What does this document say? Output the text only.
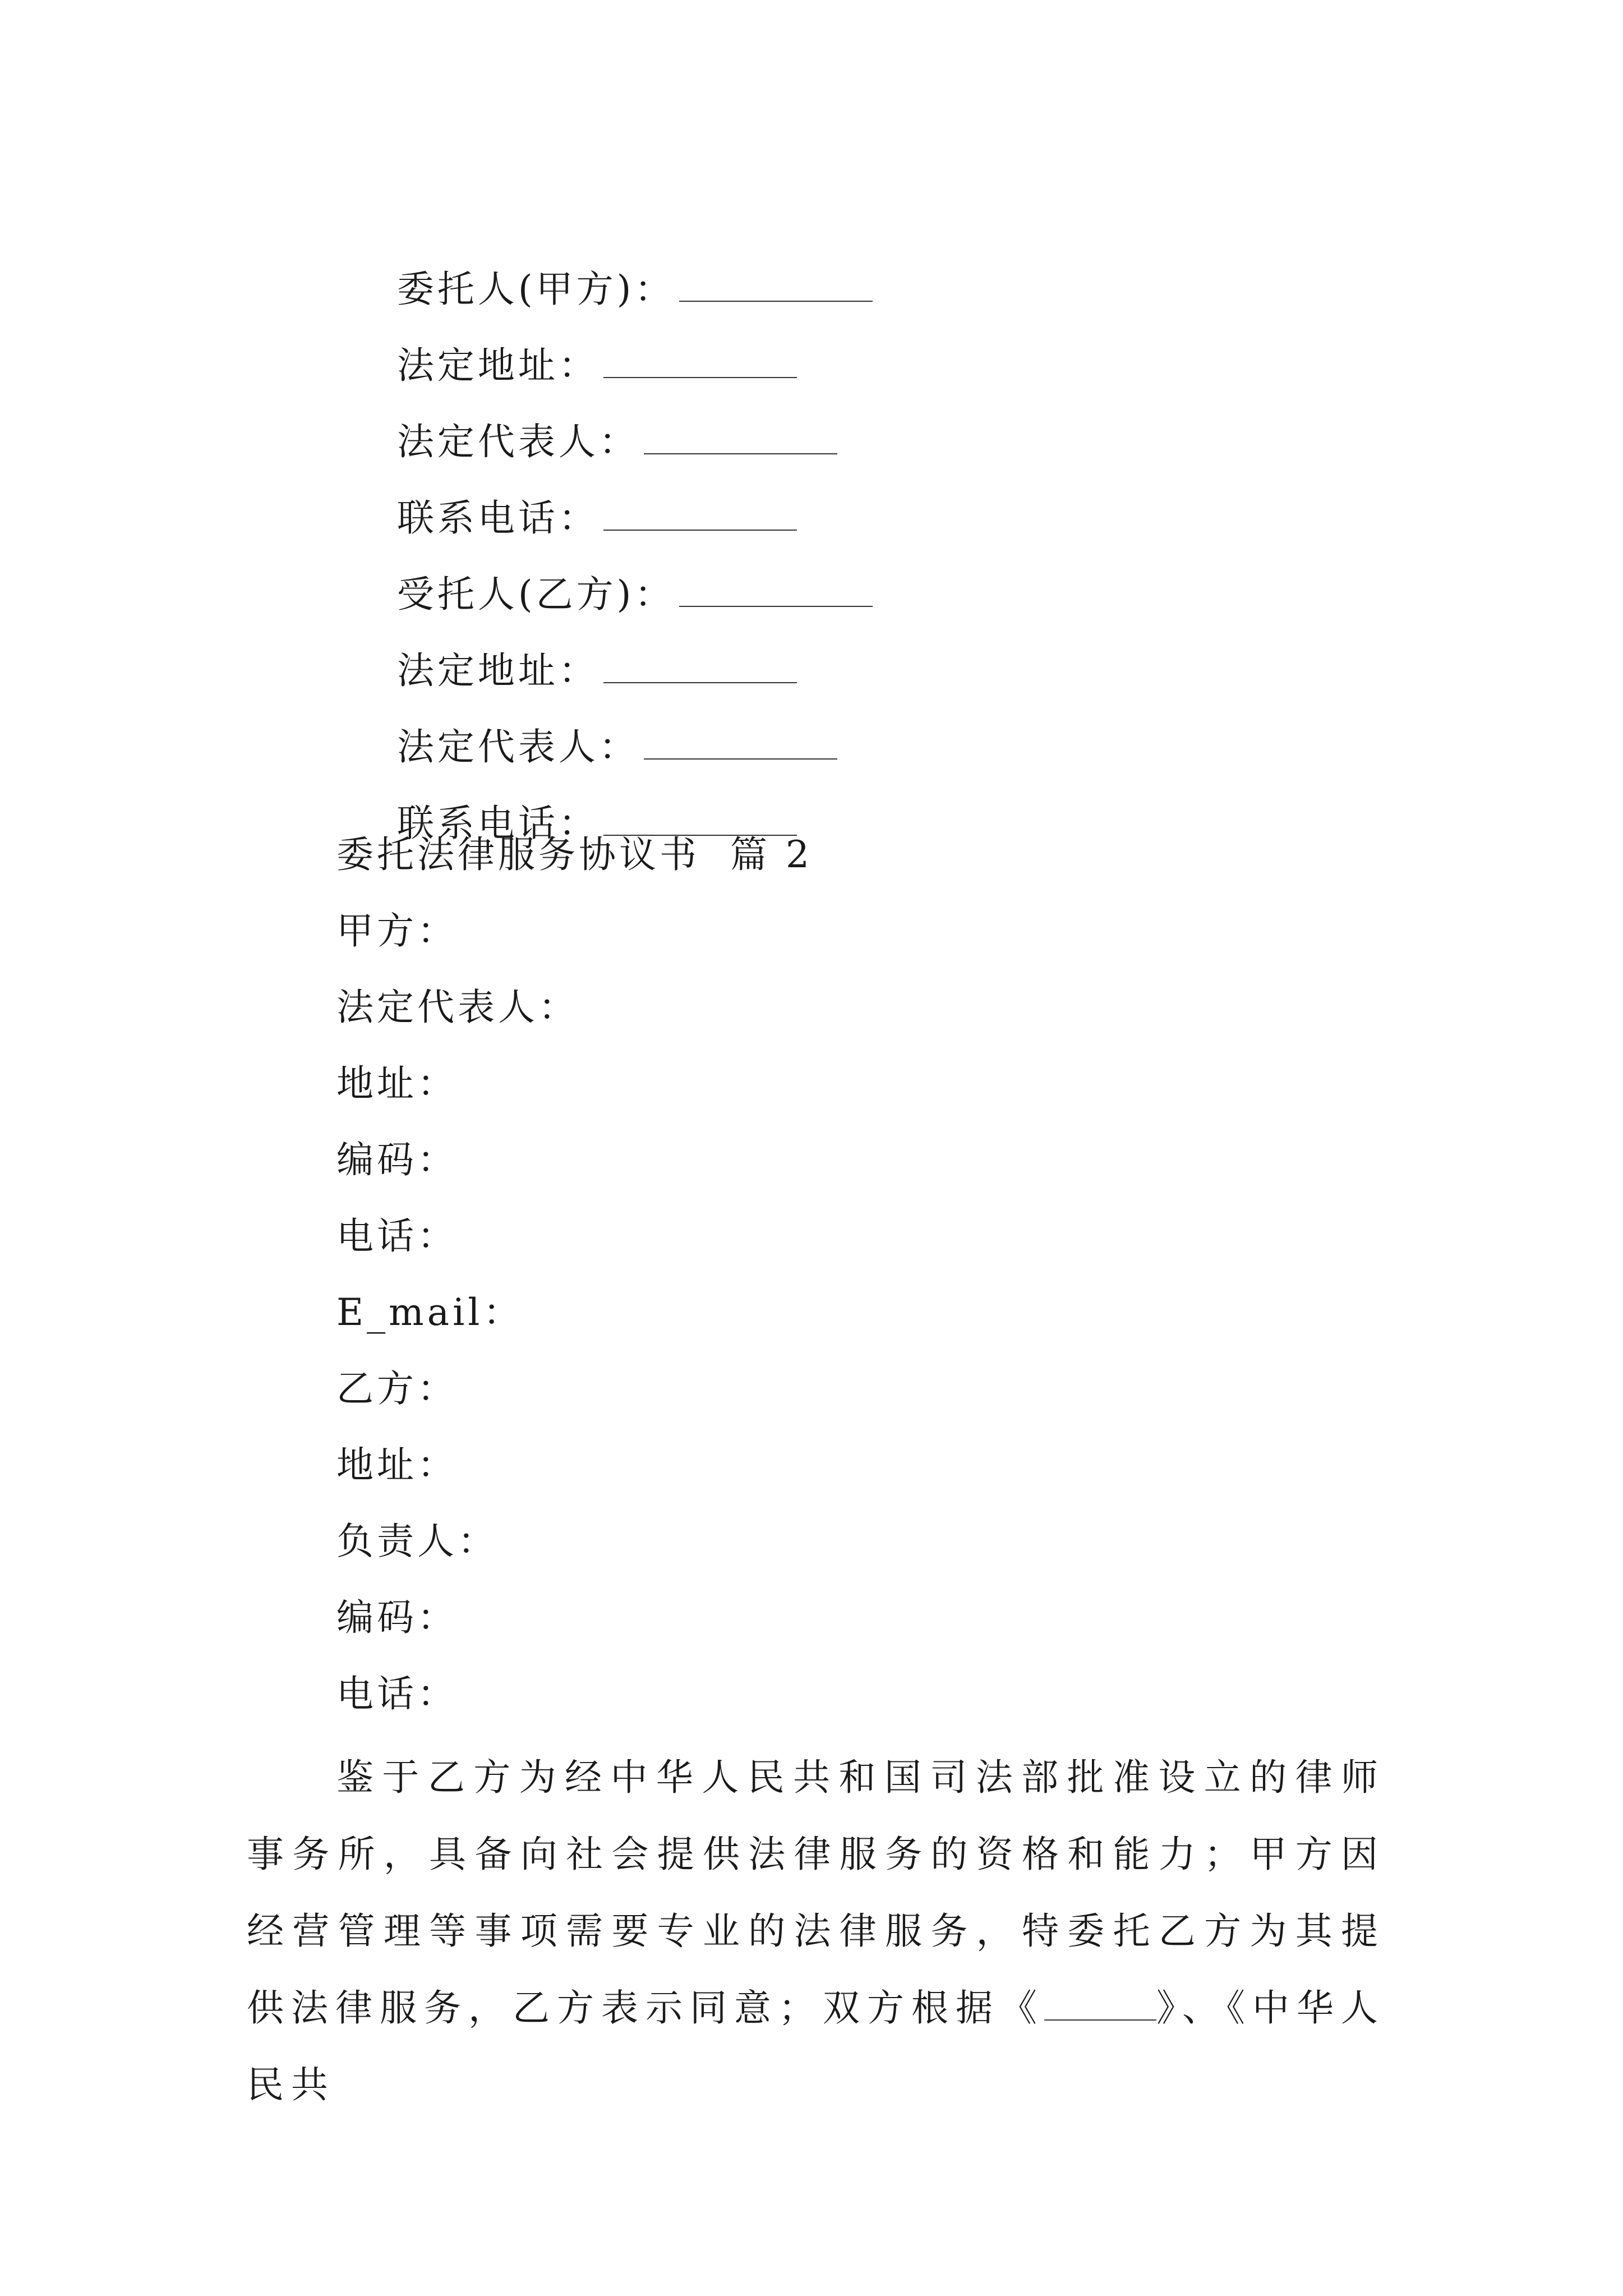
委托人(甲方)：

法定地址：

法定代表人：

联系电话：

受托人(乙方)：

法定地址：

法定代表人：

联系电话：

委托法律服务协议书  篇 2
甲方：
法定代表人：
地址：
编码：
电话：
E_mail：
乙方：
地址：
负责人：
编码：
电话：
鉴于乙方为经中华人民共和国司法部批准设立的律师事务所，具备向社会提供法律服务的资格和能力；甲方因经营管理等事项需要专业的法律服务，特委托乙方为其提供法律服务，乙方表示同意；双方根据《	》、《中华人民共
